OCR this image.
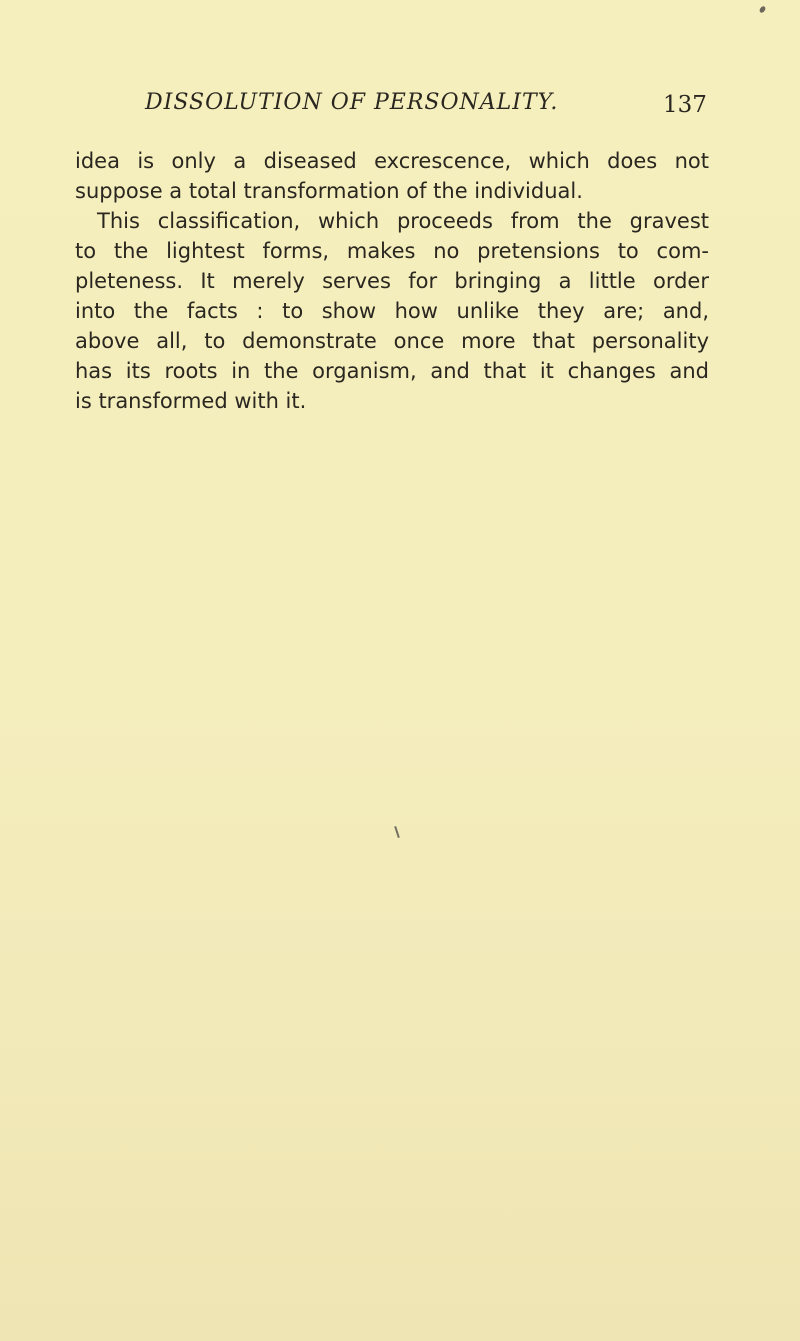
DISSOLUTION OF PERSONALITY.	137

idea is only a diseased excrescence, which does not
suppose a total transformation of the individual.

This classification, which proceeds from the gravest
to the lightest forms, makes no pretensions to com-
pleteness. It merely serves for bringing a little order
into the facts : to show how unlike they are; and,
above all, to demonstrate once more that personality
has its roots in the organism, and that it changes and
is transformed with it.
